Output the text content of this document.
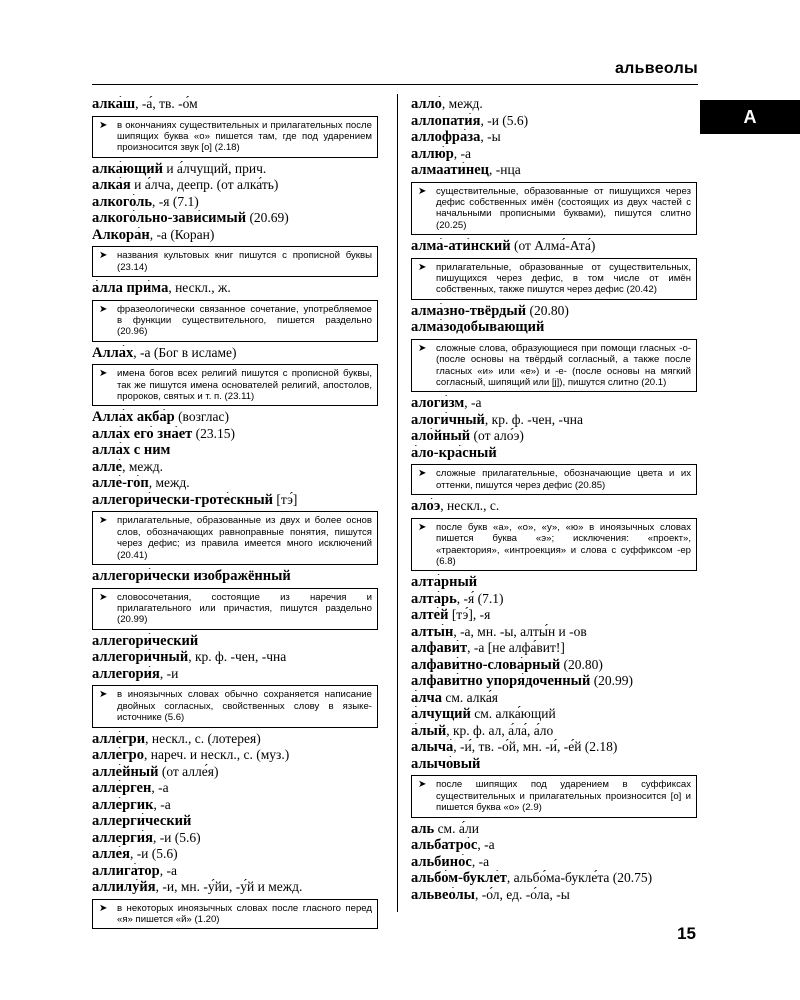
альвеолы
А

алка́ш, -а́, тв. -о́м

➤ в окончаниях существительных и прилагательных после шипящих буква «о» пишется там, где под ударением произносится звук [о] (2.18)

алка́ющий и а́лчущий, прич.

алка́я и а́лча, деепр. (от алка́ть)

алкого́ль, -я (7.1)

алкого́льно-зави́симый (20.69)

Алкора́н, -а (Коран)

➤ названия культовых книг пишутся с прописной буквы (23.14)

а́лла при́ма, нескл., ж.

➤ фразеологически связанное сочетание, употребляемое в функции существительного, пишется раздельно (20.96)

Алла́х, -а (Бог в исламе)

➤ имена богов всех религий пишутся с прописной буквы, так же пишутся имена основателей религий, апостолов, пророков, святых и т. п. (23.11)

Алла́х акба́р (возглас)

алла́х его́ зна́ет (23.15)

алла́х с ним

алле́, межд.

алле́-го́п, межд.

аллегори́чески-гроте́скный [тэ́]

➤ прилагательные, образованные из двух и более основ слов, обозначающих равноправные понятия, пишутся через дефис; из правила имеется много исключений (20.41)

аллегори́чески изображённый

➤ словосочетания, состоящие из наречия и прилагательного или причастия, пишутся раздельно (20.99)

аллегори́ческий

аллегори́чный, кр. ф. -чен, -чна

аллегори́я, -и

➤ в иноязычных словах обычно сохраняется написание двойных согласных, свойственных слову в языке-источнике (5.6)

алле́гри, нескл., с. (лотерея)

алле́гро, нареч. и нескл., с. (муз.)

алле́йный (от алле́я)

алле́рген, -а

алле́ргик, -а

аллерги́ческий

аллерги́я, -и (5.6)

алле́я, -и (5.6)

аллига́тор, -а

аллилу́йя, -и, мн. -у́йи, -у́й и межд.

➤ в некоторых иноязычных словах после гласного перед «я» пишется «й» (1.20)

алло́, межд.

аллопати́я, -и (5.6)

аллофра́за, -ы

аллю́р, -а

алмаати́нец, -нца

➤ существительные, образованные от пишущихся через дефис собственных имён (состоящих из двух частей с начальными прописными буквами), пишутся слитно (20.25)

алма́-ати́нский (от Алма́-Ата́)

➤ прилагательные, образованные от существительных, пишущихся через дефис, в том числе от имён собственных, также пишутся через дефис (20.42)

алма́зно-твёрдый (20.80)

алма́зодобывающий

➤ сложные слова, образующиеся при помощи гласных -о- (после основы на твёрдый согласный, а также после гласных «и» или «е») и -е- (после основы на мягкий согласный, шипящий или [j]), пишутся слитно (20.1)

алоги́зм, -а

алоги́чный, кр. ф. -чен, -чна

ало́йный (от ало́э)

а́ло-кра́сный

➤ сложные прилагательные, обозначающие цвета и их оттенки, пишутся через дефис (20.85)

ало́э, нескл., с.

➤ после букв «а», «о», «у», «ю» в иноязычных словах пишется буква «э»; исключения: «проект», «траектория», «интроекция» и слова с суффиксом -ер (6.8)

алта́рный

алта́рь, -я́ (7.1)

алте́й [тэ́], -я

алты́н, -а, мн. -ы, алты́н и -ов

алфави́т, -а [не алфа́вит!]

алфави́тно-слова́рный (20.80)

алфави́тно упоря́доченный (20.99)

а́лча см. алка́я

а́лчущий см. алка́ющий

а́лый, кр. ф. ал, а́ла́, а́ло

алыча́, -и́, тв. -о́й, мн. -и́, -е́й (2.18)

алычо́вый

➤ после шипящих под ударением в суффиксах существительных и прилагательных произносится [о] и пишется буква «о» (2.9)

аль см. а́ли

альбатро́с, -а

альбино́с, -а

альбо́м-букле́т, альбо́ма-букле́та (20.75)

альвео́лы, -о́л, ед. -о́ла, -ы

15
